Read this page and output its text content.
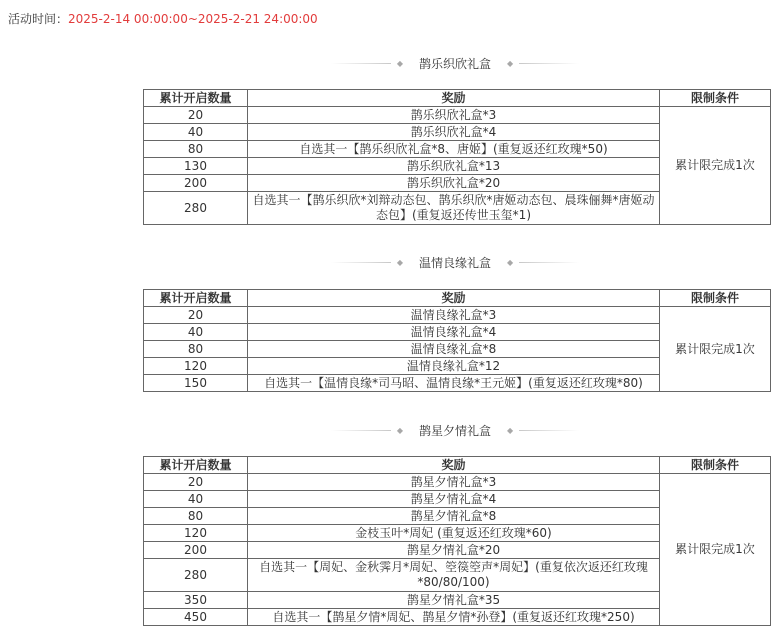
活动时间：2025-2-14 00:00:00~2025-2-21 24:00:00
◆ 鹊乐织欣礼盒 ◆
累计开启数量	奖励	限制条件
20	鹊乐织欣礼盒*3	累计限完成1次
40	鹊乐织欣礼盒*4	
80	自选其一【鹊乐织欣礼盒*8、唐姬】(重复返还红玫瑰*50)	
130	鹊乐织欣礼盒*13	
200	鹊乐织欣礼盒*20	
280	自选其一【鹊乐织欣*刘辩动态包、鹊乐织欣*唐姬动态包、晨珠俪舞*唐姬动态包】(重复返还传世玉玺*1)	
◆ 温情良缘礼盒 ◆
累计开启数量	奖励	限制条件
20	温情良缘礼盒*3	累计限完成1次
40	温情良缘礼盒*4	
80	温情良缘礼盒*8	
120	温情良缘礼盒*12	
150	自选其一【温情良缘*司马昭、温情良缘*王元姬】(重复返还红玫瑰*80)	
◆ 鹊星夕情礼盒 ◆
累计开启数量	奖励	限制条件
20	鹊星夕情礼盒*3	累计限完成1次
40	鹊星夕情礼盒*4	
80	鹊星夕情礼盒*8	
120	金枝玉叶*周妃 (重复返还红玫瑰*60)	
200	鹊星夕情礼盒*20	
280	自选其一【周妃、金秋霁月*周妃、箜篌箜声*周妃】(重复依次返还红玫瑰*80/80/100)	
350	鹊星夕情礼盒*35	
450	自选其一【鹊星夕情*周妃、鹊星夕情*孙登】(重复返还红玫瑰*250)	
